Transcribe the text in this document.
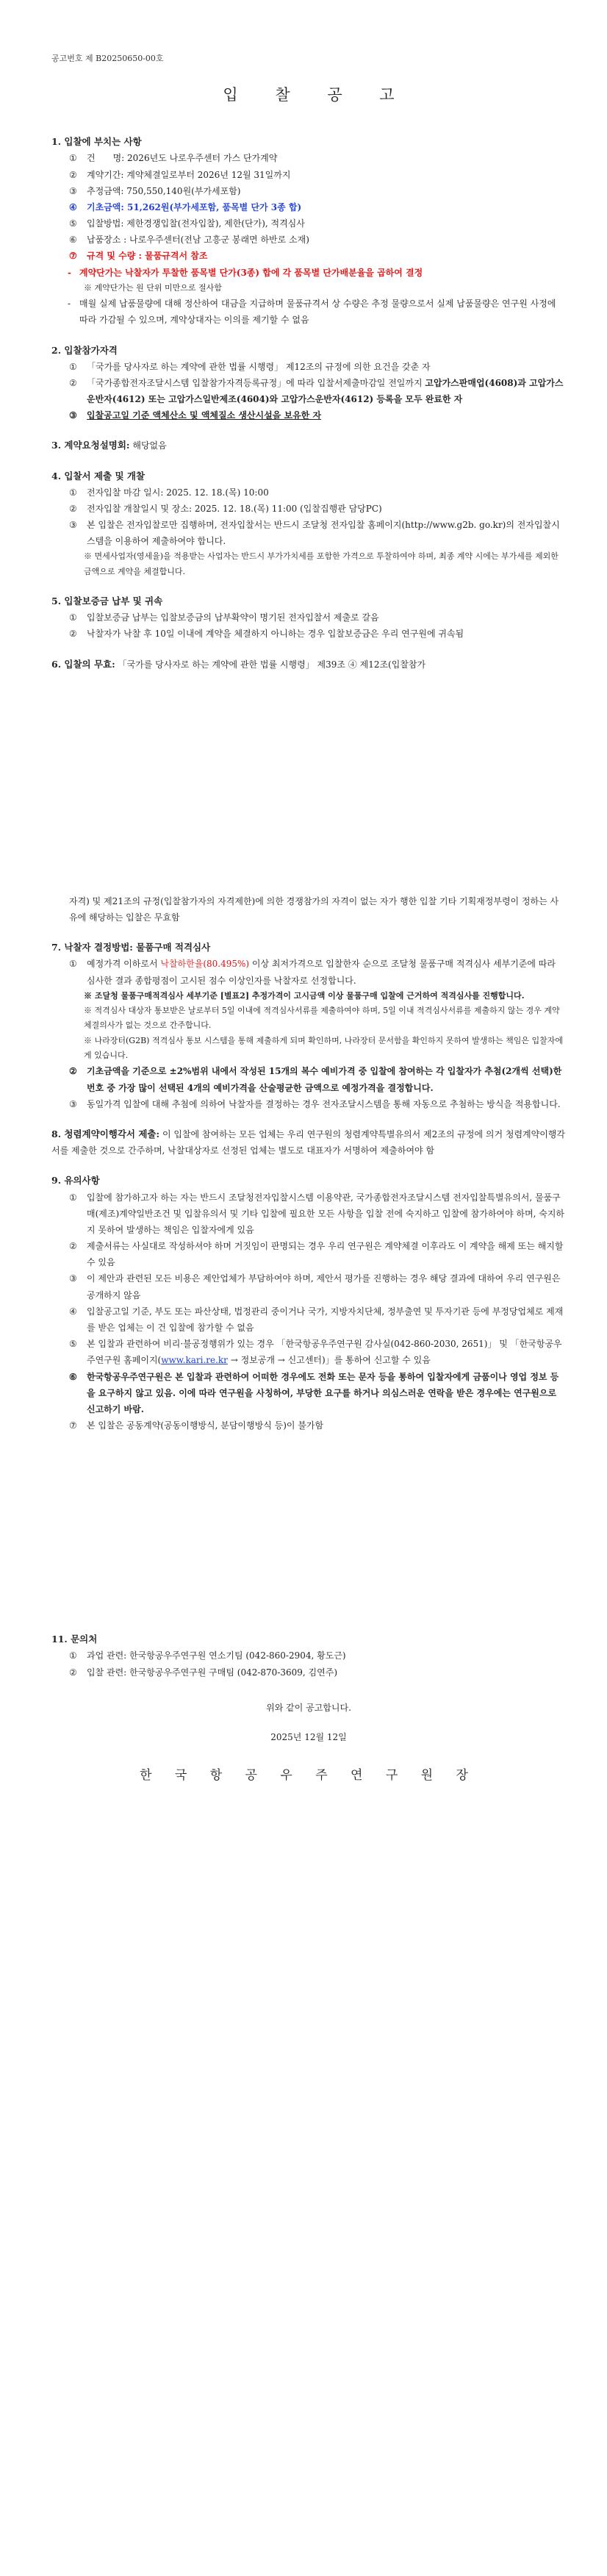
공고번호 제 B20250650-00호
입 찰 공 고
1. 입찰에 부치는 사항
① 건　　명: 2026년도 나로우주센터 가스 단가계약
② 계약기간: 계약체결일로부터 2026년 12월 31일까지
③ 추정금액: 750,550,140원(부가세포함)
④ 기초금액: 51,262원(부가세포함, 품목별 단가 3종 합)
⑤ 입찰방법: 제한경쟁입찰(전자입찰), 제한(단가), 적격심사
⑥ 납품장소 : 나로우주센터(전남 고흥군 봉래면 하반로 소재)
⑦ 규격 및 수량 : 물품규격서 참조
- 계약단가는 낙찰자가 투찰한 품목별 단가(3종) 합에 각 품목별 단가배분율을 곱하여 결정
※ 계약단가는 원 단위 미만으로 절사함
- 매월 실제 납품물량에 대해 정산하여 대금을 지급하며 물품규격서 상 수량은 추정 물량으로서 실제 납품물량은 연구원 사정에 따라 가감될 수 있으며, 계약상대자는 이의를 제기할 수 없음
2. 입찰참가자격
① 「국가를 당사자로 하는 계약에 관한 법률 시행령」 제12조의 규정에 의한 요건을 갖춘 자
② 「국가종합전자조달시스템 입찰참가자격등록규정」에 따라 입찰서제출마감일 전일까지 고압가스판매업(4608)과 고압가스운반자(4612) 또는 고압가스일반제조(4604)와 고압가스운반자(4612) 등록을 모두 완료한 자
③ 입찰공고일 기준 액체산소 및 액체질소 생산시설을 보유한 자
3. 계약요청설명회: 해당없음
4. 입찰서 제출 및 개찰
① 전자입찰 마감 일시: 2025. 12. 18.(목) 10:00
② 전자입찰 개찰일시 및 장소: 2025. 12. 18.(목) 11:00 (입찰집행관 담당PC)
③ 본 입찰은 전자입찰로만 집행하며, 전자입찰서는 반드시 조달청 전자입찰 홈페이지(http://www.g2b. go.kr)의 전자입찰시스템을 이용하여 제출하여야 합니다.
※ 면세사업자(영세율)을 적용받는 사업자는 반드시 부가가치세를 포함한 가격으로 투찰하여야 하며, 최종 계약 시에는 부가세를 제외한 금액으로 계약을 체결합니다.
5. 입찰보증금 납부 및 귀속
① 입찰보증금 납부는 입찰보증금의 납부확약이 명기된 전자입찰서 제출로 갈음
② 낙찰자가 낙찰 후 10일 이내에 계약을 체결하지 아니하는 경우 입찰보증금은 우리 연구원에 귀속됨
6. 입찰의 무효: 「국가를 당사자로 하는 계약에 관한 법률 시행령」 제39조 ④ 제12조(입찰참가
자격) 및 제21조의 규정(입찰참가자의 자격제한)에 의한 경쟁참가의 자격이 없는 자가 행한 입찰 기타 기획재정부령이 정하는 사유에 해당하는 입찰은 무효함
7. 낙찰자 결정방법: 물품구매 적격심사
① 예정가격 이하로서 낙찰하한율(80.495%) 이상 최저가격으로 입찰한자 순으로 조달청 물품구매 적격심사 세부기준에 따라 심사한 결과 종합평점이 고시된 점수 이상인자를 낙찰자로 선정합니다.
※ 조달청 물품구매적격심사 세부기준 [별표2] 추정가격이 고시금액 이상 물품구매 입찰에 근거하여 적격심사를 진행합니다.
※ 적격심사 대상자 통보받은 날로부터 5일 이내에 적격심사서류를 제출하여야 하며, 5일 이내 적격심사서류를 제출하지 않는 경우 계약체결의사가 없는 것으로 간주합니다.
※ 나라장터(G2B) 적격심사 통보 시스템을 통해 제출하게 되며 확인하며, 나라장터 문서함을 확인하지 못하여 발생하는 책임은 입찰자에게 있습니다.
② 기초금액을 기준으로 ±2%범위 내에서 작성된 15개의 복수 예비가격 중 입찰에 참여하는 각 입찰자가 추첨(2개씩 선택)한 번호 중 가장 많이 선택된 4개의 예비가격을 산술평균한 금액으로 예정가격을 결정합니다.
③ 동일가격 입찰에 대해 추첨에 의하여 낙찰자를 결정하는 경우 전자조달시스템을 통해 자동으로 추첨하는 방식을 적용합니다.
8. 청렴계약이행각서 제출: 이 입찰에 참여하는 모든 업체는 우리 연구원의 청렴계약특별유의서 제2조의 규정에 의거 청렴계약이행각서를 제출한 것으로 간주하며, 낙찰대상자로 선정된 업체는 별도로 대표자가 서명하여 제출하여야 함
9. 유의사항
① 입찰에 참가하고자 하는 자는 반드시 조달청전자입찰시스템 이용약관, 국가종합전자조달시스템 전자입찰특별유의서, 물품구매(제조)계약일반조건 및 입찰유의서 및 기타 입찰에 필요한 모든 사항을 입찰 전에 숙지하고 입찰에 참가하여야 하며, 숙지하지 못하여 발생하는 책임은 입찰자에게 있음
② 제출서류는 사실대로 작성하셔야 하며 거짓임이 판명되는 경우 우리 연구원은 계약체결 이후라도 이 계약을 해제 또는 해지할 수 있음
③ 이 제안과 관련된 모든 비용은 제안업체가 부담하여야 하며, 제안서 평가를 진행하는 경우 해당 결과에 대하여 우리 연구원은 공개하지 않음
④ 입찰공고일 기준, 부도 또는 파산상태, 법정관리 중이거나 국가, 지방자치단체, 정부출연 및 투자기관 등에 부정당업체로 제재를 받은 업체는 이 건 입찰에 참가할 수 없음
⑤ 본 입찰과 관련하여 비리·불공정행위가 있는 경우 「한국항공우주연구원 감사실(042-860-2030, 2651)」 및 「한국항공우주연구원 홈페이지(www.kari.re.kr → 정보공개 → 신고센터)」를 통하여 신고할 수 있음
⑥ 한국항공우주연구원은 본 입찰과 관련하여 어떠한 경우에도 전화 또는 문자 등을 통하여 입찰자에게 금품이나 영업 정보 등을 요구하지 않고 있음. 이에 따라 연구원을 사칭하여, 부당한 요구를 하거나 의심스러운 연락을 받은 경우에는 연구원으로 신고하기 바람.
⑦ 본 입찰은 공동계약(공동이행방식, 분담이행방식 등)이 불가함
11. 문의처
① 과업 관련: 한국항공우주연구원 연소기팀 (042-860-2904, 황도근)
② 입찰 관련: 한국항공우주연구원 구매팀 (042-870-3609, 김연주)
위와 같이 공고합니다.
2025년 12월 12일
한 국 항 공 우 주 연 구 원 장
